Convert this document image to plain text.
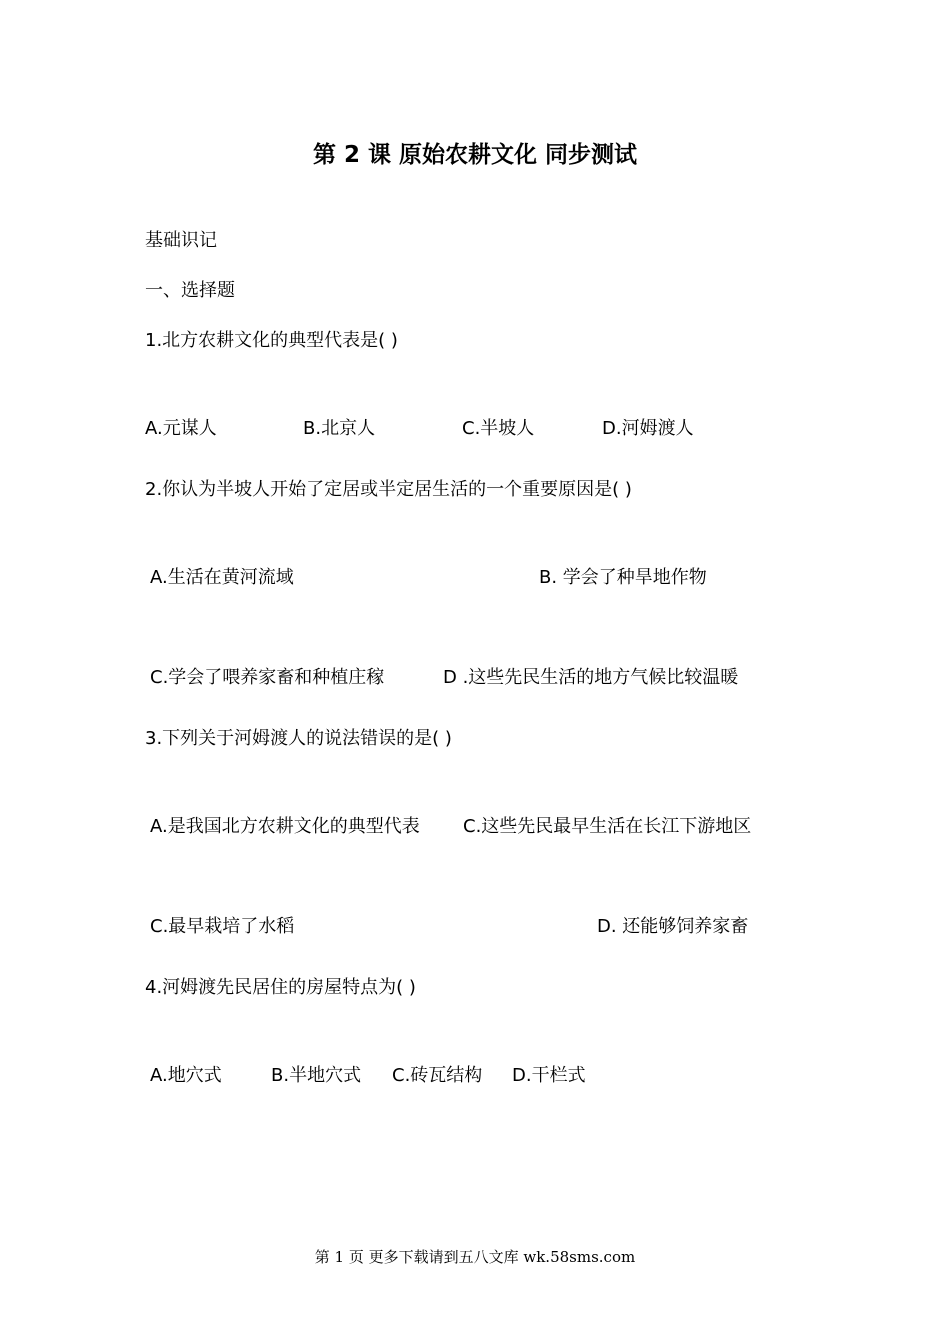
第 2 课 原始农耕文化 同步测试
基础识记
一、选择题
1.北方农耕文化的典型代表是( )
A.元谋人	B.北京人	C.半坡人	D.河姆渡人
2.你认为半坡人开始了定居或半定居生活的一个重要原因是( )
A.生活在黄河流域	B. 学会了种旱地作物
C.学会了喂养家畜和种植庄稼	D .这些先民生活的地方气候比较温暖
3.下列关于河姆渡人的说法错误的是( )
A.是我国北方农耕文化的典型代表 C.这些先民最早生活在长江下游地区
C.最早栽培了水稻	D. 还能够饲养家畜
4.河姆渡先民居住的房屋特点为( )
A.地穴式	B.半地穴式 C.砖瓦结构 D.干栏式
第 1 页 更多下载请到五八文库 wk.58sms.com
